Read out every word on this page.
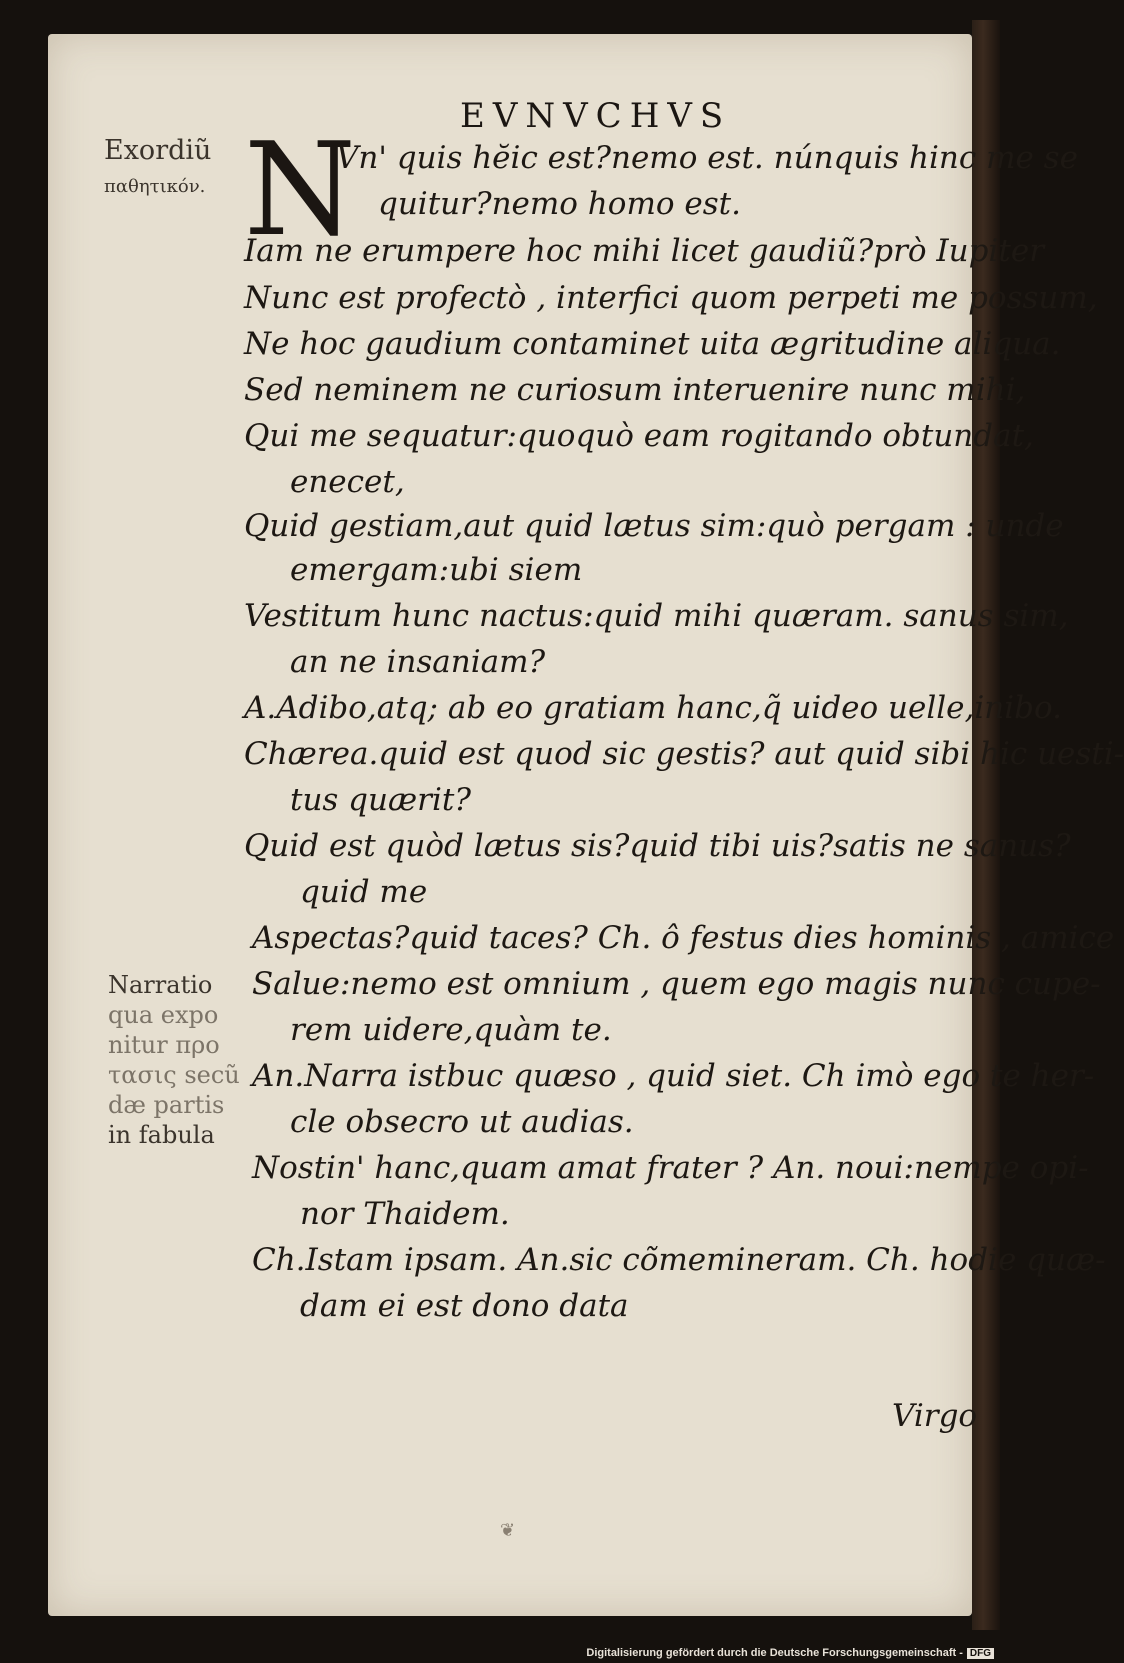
EVNVCHVS
Exordiũ
παθητικόν. N
Vn' quis hĕic est?nemo est. núnquis hinc me se
quitur?nemo homo est.
Iam ne erumpere hoc mihi licet gaudiũ?prò Iupiter
Nunc est profectò , interfici quom perpeti me possum,
Ne hoc gaudium contaminet uita ægritudine aliqua.
Sed neminem ne curiosum interuenire nunc mihi,
Qui me sequatur:quoquò eam rogitando obtundat,
enecet,
Quid gestiam,aut quid lætus sim:quò pergam : unde
emergam:ubi siem
Vestitum hunc nactus:quid mihi quæram. sanus sim,
an ne insaniam?
A.Adibo,atq; ab eo gratiam hanc,q̃ uideo uelle,inibo.
Chærea.quid est quod sic gestis? aut quid sibi hic uesti-
tus quærit?
Quid est quòd lætus sis?quid tibi uis?satis ne sanus?
quid me
Aspectas?quid taces? Ch. ô festus dies hominis , amice
Salue:nemo est omnium , quem ego magis nunc cupe-
rem uidere,quàm te.
An.Narra istbuc quæso , quid siet. Ch imò ego te her-
cle obsecro ut audias.
Nostin' hanc,quam amat frater ? An. noui:nempe opi-
nor Thaidem.
Ch.Istam ipsam. An.sic cõmemineram. Ch. hodie quæ-
dam ei est dono data
Narratio
qua expo
nitur προ
τασις secũ
dæ partis
in fabula
Virgo
❦
Digitalisierung gefördert durch die Deutsche Forschungsgemeinschaft - DFG
